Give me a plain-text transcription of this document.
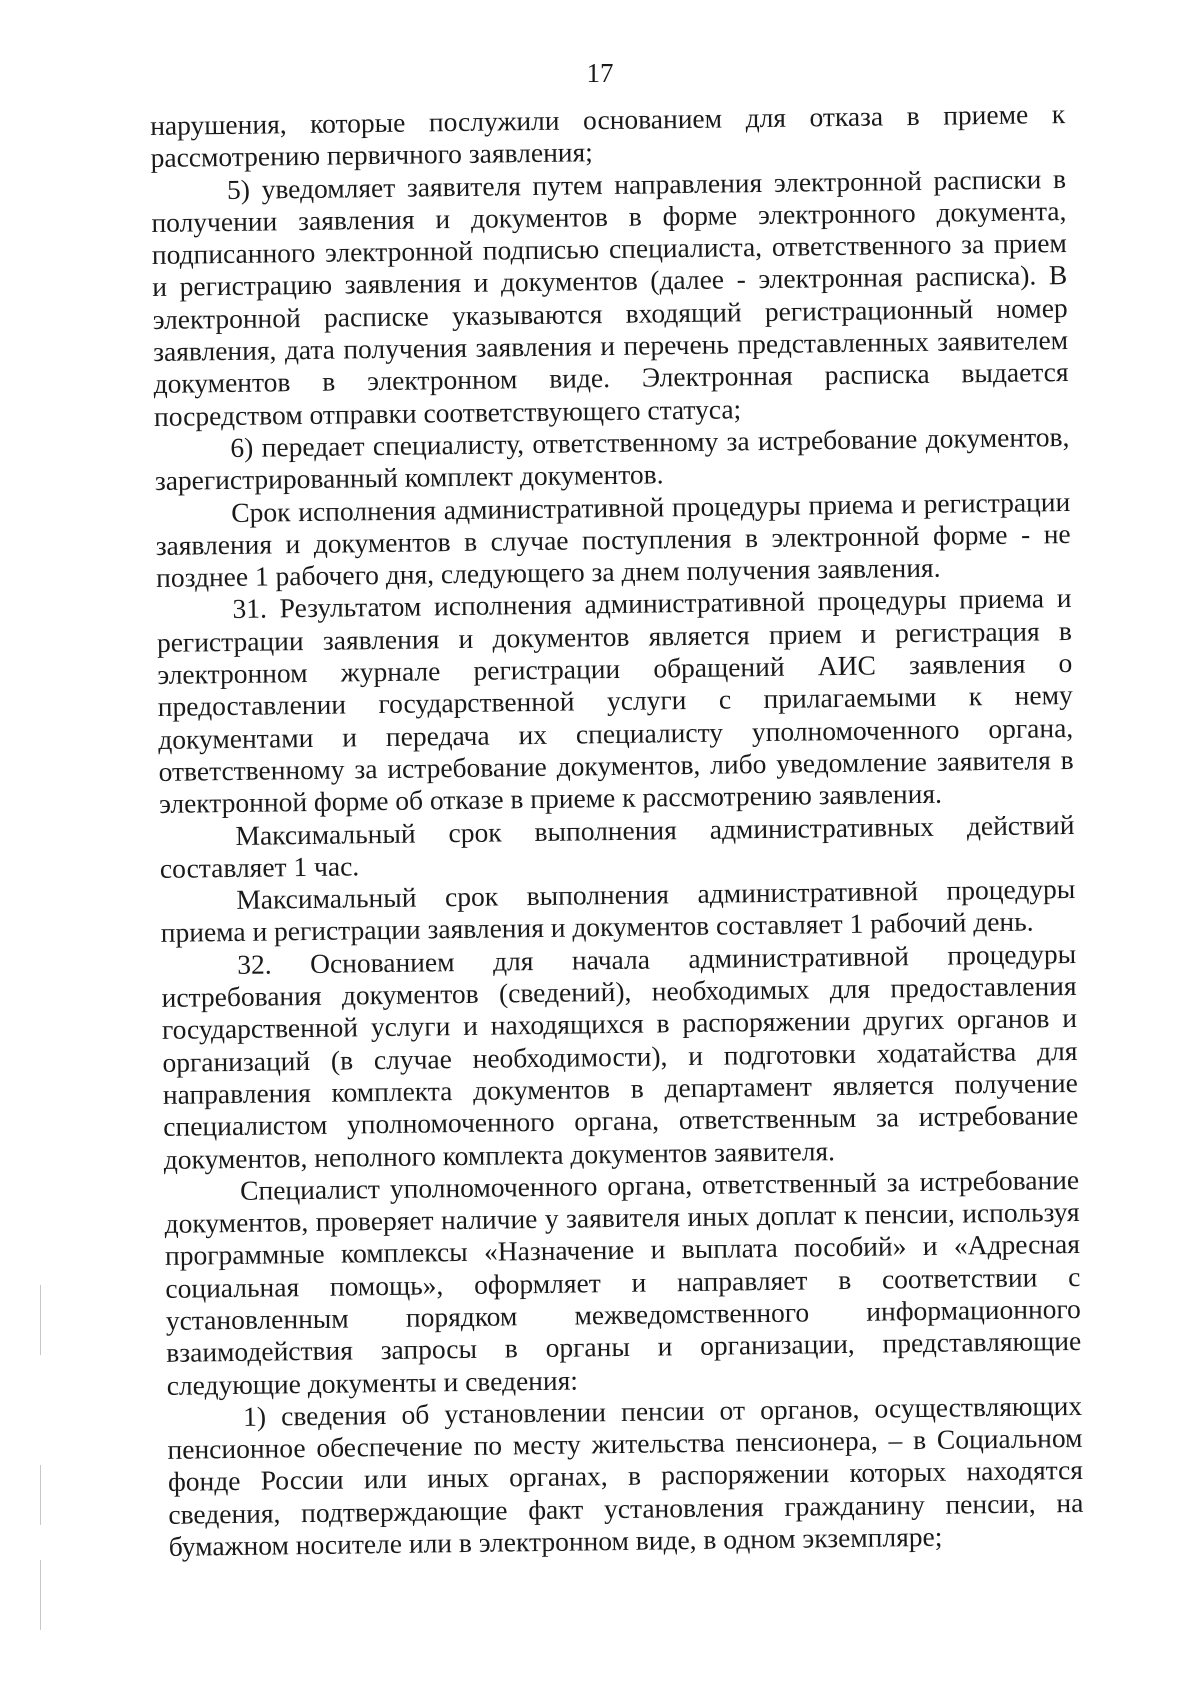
17

нарушения, которые послужили основанием для отказа в приеме к рассмотрению первичного заявления;

5) уведомляет заявителя путем направления электронной расписки в получении заявления и документов в форме электронного документа, подписанного электронной подписью специалиста, ответственного за прием и регистрацию заявления и документов (далее - электронная расписка). В электронной расписке указываются входящий регистрационный номер заявления, дата получения заявления и перечень представленных заявителем документов в электронном виде. Электронная расписка выдается посредством отправки соответствующего статуса;

6) передает специалисту, ответственному за истребование документов, зарегистрированный комплект документов.

Срок исполнения административной процедуры приема и регистрации заявления и документов в случае поступления в электронной форме - не позднее 1 рабочего дня, следующего за днем получения заявления.

31. Результатом исполнения административной процедуры приема и регистрации заявления и документов является прием и регистрация в электронном журнале регистрации обращений АИС заявления о предоставлении государственной услуги с прилагаемыми к нему документами и передача их специалисту уполномоченного органа, ответственному за истребование документов, либо уведомление заявителя в электронной форме об отказе в приеме к рассмотрению заявления.

Максимальный срок выполнения административных действий составляет 1 час.

Максимальный срок выполнения административной процедуры приема и регистрации заявления и документов составляет 1 рабочий день.

32. Основанием для начала административной процедуры истребования документов (сведений), необходимых для предоставления государственной услуги и находящихся в распоряжении других органов и организаций (в случае необходимости), и подготовки ходатайства для направления комплекта документов в департамент является получение специалистом уполномоченного органа, ответственным за истребование документов, неполного комплекта документов заявителя.

Специалист уполномоченного органа, ответственный за истребование документов, проверяет наличие у заявителя иных доплат к пенсии, используя программные комплексы «Назначение и выплата пособий» и «Адресная социальная помощь», оформляет и направляет в соответствии с установленным порядком межведомственного информационного взаимодействия запросы в органы и организации, представляющие следующие документы и сведения:

1) сведения об установлении пенсии от органов, осуществляющих пенсионное обеспечение по месту жительства пенсионера, – в Социальном фонде России или иных органах, в распоряжении которых находятся сведения, подтверждающие факт установления гражданину пенсии, на бумажном носителе или в электронном виде, в одном экземпляре;
